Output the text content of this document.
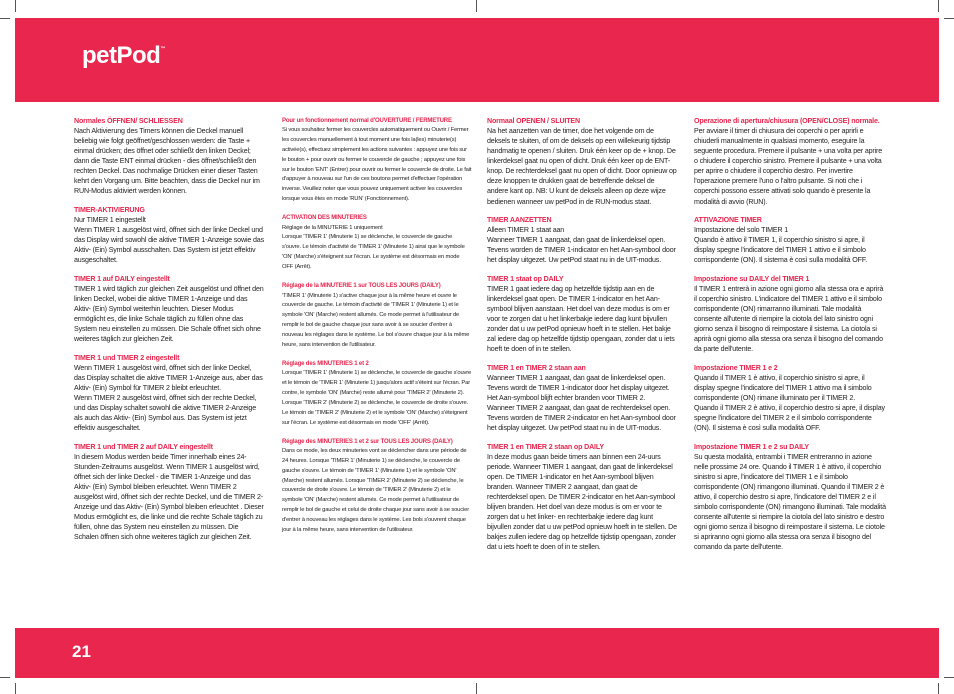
petPod™
Normales ÖFFNEN/ SCHLIESSEN
Nach Aktivierung des Timers können die Deckel manuell beliebig wie folgt geöffnet/geschlossen werden: die Taste + einmal drücken; des öffnet oder schließt den linken Deckel; dann die Taste ENT einmal drücken - dies öffnet/schließt den rechten Deckel. Das nochmalige Drücken einer dieser Tasten kehrt den Vorgang um. Bitte beachten, dass die Deckel nur im RUN-Modus aktiviert werden können.
TIMER-AKTIVIERUNG
Nur TIMER 1 eingestellt
Wenn TIMER 1 ausgelöst wird, öffnet sich der linke Deckel und das Display wird sowohl die aktive TIMER 1-Anzeige sowie das Aktiv- (Ein) Symbol ausschalten. Das System ist jetzt effektiv ausgeschaltet.
TIMER 1 auf DAILY eingestellt
TIMER 1 wird täglich zur gleichen Zeit ausgelöst und öffnet den linken Deckel, wobei die aktive TIMER 1-Anzeige und das Aktiv- (Ein) Symbol weiterhin leuchten. Dieser Modus ermöglicht es, die linke Schale täglich zu füllen ohne das System neu einstellen zu müssen. Die Schale öffnet sich ohne weiteres täglich zur gleichen Zeit.
TIMER 1 und TIMER 2 eingestellt
Wenn TIMER 1 ausgelöst wird, öffnet sich der linke Deckel, das Display schaltet die aktive TIMER 1-Anzeige aus, aber das Aktiv- (Ein) Symbol für TIMER 2 bleibt erleuchtet.
Wenn TIMER 2 ausgelöst wird, öffnet sich der rechte Deckel, und das Display schaltet sowohl die aktive TIMER 2-Anzeige als auch das Aktiv- (Ein) Symbol aus. Das System ist jetzt effektiv ausgeschaltet.
TIMER 1 und TIMER 2 auf DAILY eingestellt
In diesem Modus werden beide Timer innerhalb eines 24-Stunden-Zeitraums ausgelöst. Wenn TIMER 1 ausgelöst wird, öffnet sich der linke Deckel - die TIMER 1-Anzeige und das Aktiv- (Ein) Symbol bleiben erleuchtet. Wenn TIMER 2 ausgelöst wird, öffnet sich der rechte Deckel, und die TIMER 2-Anzeige und das Aktiv- (Ein) Symbol bleiben erleuchtet . Dieser Modus ermöglicht es, die linke und die rechte Schale täglich zu füllen, ohne das System neu einstellen zu müssen. Die Schalen öffnen sich ohne weiteres täglich zur gleichen Zeit.
Pour un fonctionnement normal d'OUVERTURE / FERMETURE
Si vous souhaitez fermer les couvercles automatiquement ou Ouvrir / Fermer les couvercles manuellement à tout moment une fois la(les) minuterie(s) activée(s), effectuez simplement les actions suivantes : appuyez une fois sur le bouton + pour ouvrir ou fermer le couvercle de gauche ; appuyez une fois sur le bouton 'ENT' (Entrer) pour ouvrir ou fermer le couvercle de droite. Le fait d'appuyer à nouveau sur l'un de ces boutons permet d'effectuer l'opération inverse. Veuillez noter que vous pouvez uniquement activer les couvercles lorsque vous êtes en mode 'RUN' (Fonctionnement).
ACTIVATION DES MINUTERIES
Réglage de la MINUTERIE 1 uniquement
Lorsque 'TIMER 1' (Minuterie 1) se déclenche, le couvercle de gauche s'ouvre. Le témoin d'activité de 'TIMER 1' (Minuterie 1) ainsi que le symbole 'ON' (Marche) s'éteignent sur l'écran. Le système est désormais en mode OFF (Arrêt).
Réglage de la MINUTERIE 1 sur TOUS LES JOURS (DAILY)
'TIMER 1' (Minuterie 1) s'active chaque jour à la même heure et ouvre le couvercle de gauche. Le témoin d'activité de 'TIMER 1' (Minuterie 1) et le symbole 'ON' (Marche) restent allumés. Ce mode permet à l'utilisateur de remplir le bol de gauche chaque jour sans avoir à se soucier d'entrer à nouveau les réglages dans le système. Le bol s'ouvre chaque jour à la même heure, sans intervention de l'utilisateur.
Réglage des MINUTERIES 1 et 2
Lorsque 'TIMER 1' (Minuterie 1) se déclenche, le couvercle de gauche s'ouvre et le témoin de 'TIMER 1' (Minuterie 1) jusqu'alors actif s'éteint sur l'écran. Par contre, le symbole 'ON' (Marche) reste allumé pour 'TIMER 2' (Minuterie 2).
Lorsque 'TIMER 2' (Minuterie 2) se déclenche, le couvercle de droite s'ouvre. Le témoin de 'TIMER 2' (Minuterie 2) et le symbole 'ON' (Marche) s'éteignent sur l'écran. Le système est désormais en mode 'OFF' (Arrêt).
Réglage des MINUTERIES 1 et 2 sur TOUS LES JOURS (DAILY)
Dans ce mode, les deux minuteries vont se déclencher dans une période de 24 heures. Lorsque 'TIMER 1' (Minuterie 1) se déclenche, le couvercle de gauche s'ouvre. Le témoin de 'TIMER 1' (Minuterie 1) et le symbole 'ON' (Marche) restent allumés. Lorsque 'TIMER 2' (Minuterie 2) se déclenche, le couvercle de droite s'ouvre. Le témoin de 'TIMER 2' (Minuterie 2) et le symbole 'ON' (Marche) restent allumés. Ce mode permet à l'utilisateur de remplir le bol de gauche et celui de droite chaque jour sans avoir à se soucier d'entrer à nouveau les réglages dans le système. Les bols s'ouvrent chaque jour à la même heure, sans intervention de l'utilisateur.
Normaal OPENEN / SLUITEN
Na het aanzetten van de timer, doe het volgende om de deksels te sluiten, of om de deksels op een willekeurig tijdstip handmatig te openen / sluiten. Druk één keer op de + knop. De linkerdeksel gaat nu open of dicht. Druk één keer op de ENT-knop. De rechterdeksel gaat nu open of dicht. Door opnieuw op deze knoppen te drukken gaat de betreffende deksel de andere kant op. NB: U kunt de deksels alleen op deze wijze bedienen wanneer uw petPod in de RUN-modus staat.
TIMER AANZETTEN
Alleen TIMER 1 staat aan
Wanneer TIMER 1 aangaat, dan gaat de linkerdeksel open. Tevens worden de TIMER 1-indicator en het Aan-symbool door het display uitgezet. Uw petPod staat nu in de UIT-modus.
TIMER 1 staat op DAILY
TIMER 1 gaat iedere dag op hetzelfde tijdstip aan en de linkerdeksel gaat open. De TIMER 1-indicator en het Aan-symbool blijven aanstaan. Het doel van deze modus is om er voor te zorgen dat u het linkerbakje iedere dag kunt bijvullen zonder dat u uw petPod opnieuw hoeft in te stellen. Het bakje zal iedere dag op hetzelfde tijdstip opengaan, zonder dat u iets hoeft te doen of in te stellen.
TIMER 1 en TIMER 2 staan aan
Wanneer TIMER 1 aangaat, dan gaat de linkerdeksel open. Tevens wordt de TIMER 1-indicator door het display uitgezet. Het Aan-symbool blijft echter branden voor TIMER 2.
Wanneer TIMER 2 aangaat, dan gaat de rechterdeksel open. Tevens worden de TIMER 2-indicator en het Aan-symbool door het display uitgezet. Uw petPod staat nu in de UIT-modus.
TIMER 1 en TIMER 2 staan op DAILY
In deze modus gaan beide timers aan binnen een 24-uurs periode. Wanneer TIMER 1 aangaat, dan gaat de linkerdeksel open. De TIMER 1-indicator en het Aan-symbool blijven branden. Wanneer TIMER 2 aangaat, dan gaat de rechterdeksel open. De TIMER 2-indicator en het Aan-symbool blijven branden. Het doel van deze modus is om er voor te zorgen dat u het linker- en rechterbakje iedere dag kunt bijvullen zonder dat u uw petPod opnieuw hoeft in te stellen. De bakjes zullen iedere dag op hetzelfde tijdstip opengaan, zonder dat u iets hoeft te doen of in te stellen.
Operazione di apertura/chiusura (OPEN/CLOSE) normale.
Per avviare il timer di chiusura dei coperchi o per aprirli e chiuderli manualmente in qualsiasi momento, eseguire la seguente procedura. Premere il pulsante + una volta per aprire o chiudere il coperchio sinistro. Premere il pulsante + una volta per aprire o chiudere il coperchio destro. Per invertire l'operazione premere l'uno o l'altro pulsante. Si noti che i coperchi possono essere attivati solo quando è presente la modalità di avvio (RUN).
ATTIVAZIONE TIMER
Impostazione del solo TIMER 1
Quando è attivo il TIMER 1, il coperchio sinistro si apre, il display spegne l'indicatore del TIMER 1 attivo e il simbolo corrispondente (ON). Il sistema è così sulla modalità OFF.
Impostazione su DAILY del TIMER 1
Il TIMER 1 entrerà in azione ogni giorno alla stessa ora e aprirà il coperchio sinistro. L'indicatore del TIMER 1 attivo e il simbolo corrispondente (ON) rimarranno illuminati. Tale modalità consente all'utente di riempire la ciotola del lato sinistro ogni giorno senza il bisogno di reimpostare il sistema. La ciotola si aprirà ogni giorno alla stessa ora senza il bisogno del comando da parte dell'utente.
Impostazione TIMER 1 e 2
Quando il TIMER 1 è attivo, il coperchio sinistro si apre, il display spegne l'indicatore del TIMER 1 attivo ma il simbolo corrispondente (ON) rimane illuminato per il TIMER 2.
Quando il TIMER 2 è attivo, il coperchio destro si apre, il display spegne l'indicatore del TIMER 2 e il simbolo corrispondente (ON). Il sistema è così sulla modalità OFF.
Impostazione TIMER 1 e 2 su DAILY
Su questa modalità, entrambi i TIMER entreranno in azione nelle prossime 24 ore. Quando il TIMER 1 è attivo, il coperchio sinistro si apre, l'indicatore del TIMER 1 e il simbolo corrispondente (ON) rimangono illuminati. Quando il TIMER 2 è attivo, il coperchio destro si apre, l'indicatore del TIMER 2 e il simbolo corrispondente (ON) rimangono illuminati. Tale modalità consente all'utente si riempire la ciotola del lato sinistro e destro ogni giorno senza il bisogno di reimpostare il sistema. Le ciotole si apriranno ogni giorno alla stessa ora senza il bisogno del comando da parte dell'utente.
21
